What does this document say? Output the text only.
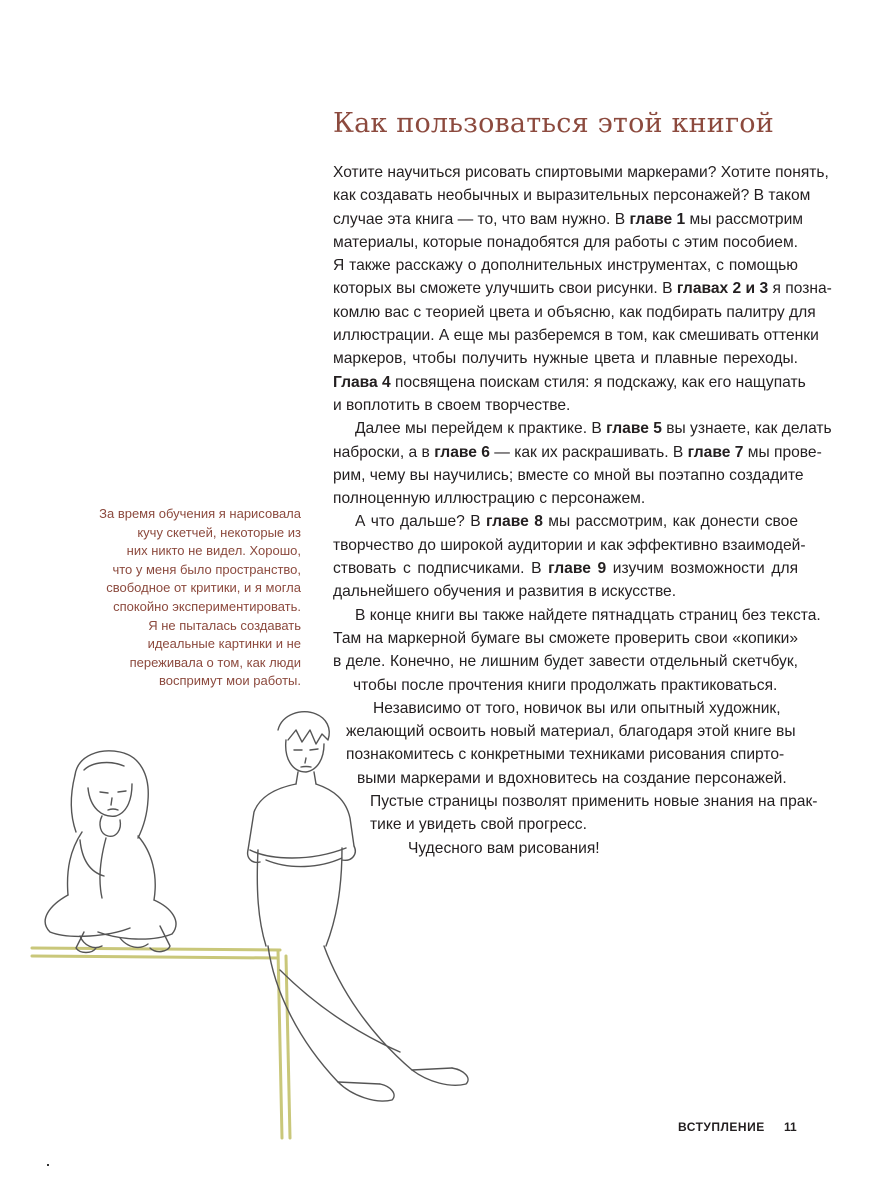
Как пользоваться этой книгой
Хотите научиться рисовать спиртовыми маркерами? Хотите понять,
как создавать необычных и выразительных персонажей? В таком
случае эта книга — то, что вам нужно. В главе 1 мы рассмотрим
материалы, которые понадобятся для работы с этим пособием.
Я также расскажу о дополнительных инструментах, с помощью
которых вы сможете улучшить свои рисунки. В главах 2 и 3 я позна-
комлю вас с теорией цвета и объясню, как подбирать палитру для
иллюстрации. А еще мы разберемся в том, как смешивать оттенки
маркеров, чтобы получить нужные цвета и плавные переходы.
Глава 4 посвящена поискам стиля: я подскажу, как его нащупать
и воплотить в своем творчестве.
Далее мы перейдем к практике. В главе 5 вы узнаете, как делать
наброски, а в главе 6 — как их раскрашивать. В главе 7 мы прове-
рим, чему вы научились; вместе со мной вы поэтапно создадите
полноценную иллюстрацию с персонажем.
А что дальше? В главе 8 мы рассмотрим, как донести свое
творчество до широкой аудитории и как эффективно взаимодей-
ствовать с подписчиками. В главе 9 изучим возможности для
дальнейшего обучения и развития в искусстве.
В конце книги вы также найдете пятнадцать страниц без текста.
Там на маркерной бумаге вы сможете проверить свои «копики»
в деле. Конечно, не лишним будет завести отдельный скетчбук,
чтобы после прочтения книги продолжать практиковаться.
Независимо от того, новичок вы или опытный художник,
желающий освоить новый материал, благодаря этой книге вы
познакомитесь с конкретными техниками рисования спирто-
выми маркерами и вдохновитесь на создание персонажей.
Пустые страницы позволят применить новые знания на прак-
тике и увидеть свой прогресс.
Чудесного вам рисования!
За время обучения я нарисовала
кучу скетчей, некоторые из
них никто не видел. Хорошо,
что у меня было пространство,
свободное от критики, и я могла
спокойно экспериментировать.
Я не пыталась создавать
идеальные картинки и не
переживала о том, как люди
воспримут мои работы.
ВСТУПЛЕНИЕ 11
